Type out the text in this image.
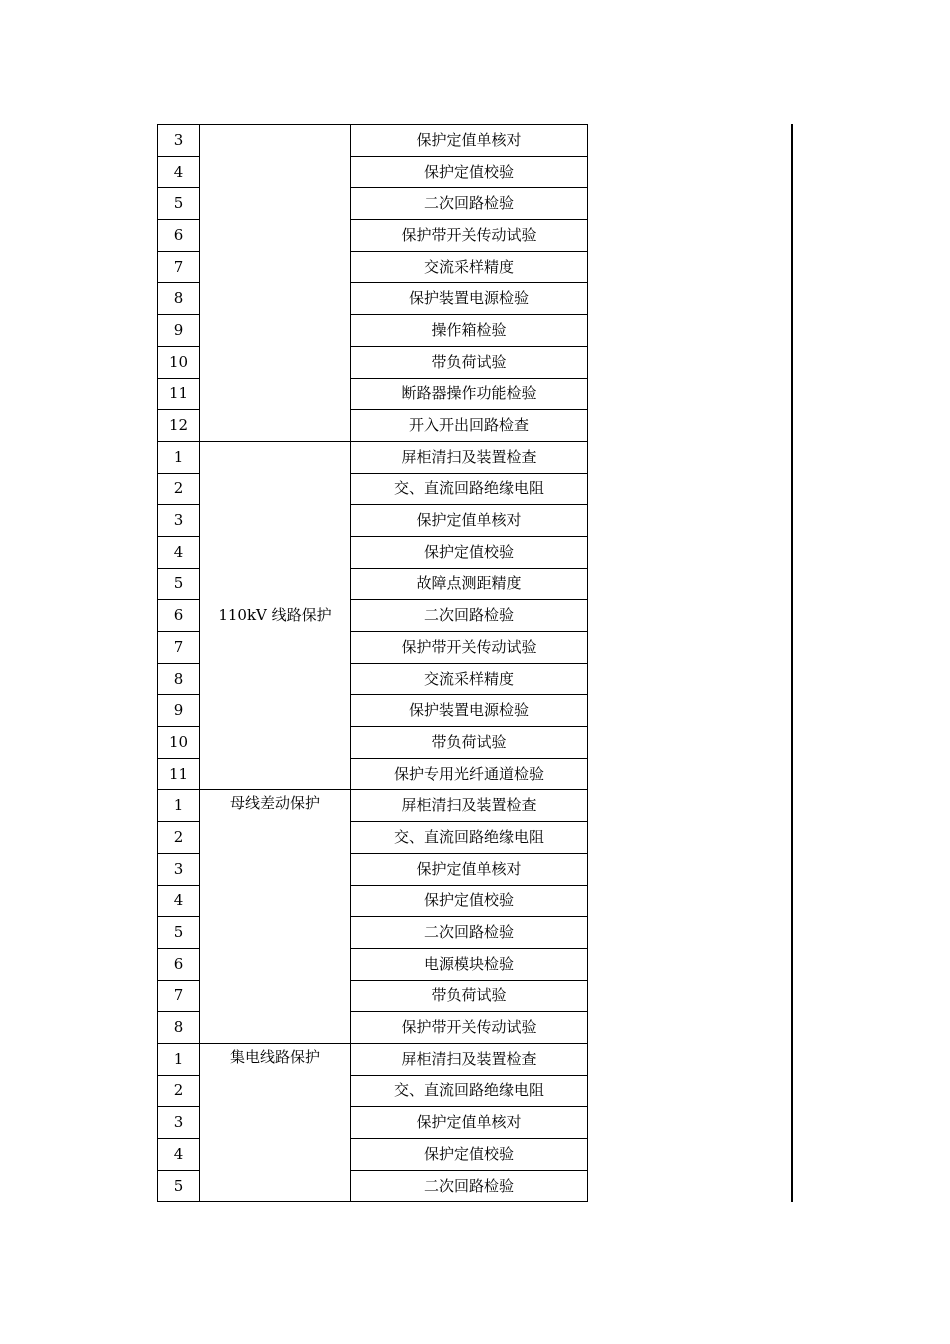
3		保护定值单核对
4		保护定值校验
5		二次回路检验
6		保护带开关传动试验
7		交流采样精度
8		保护装置电源检验
9		操作箱检验
10		带负荷试验
11		断路器操作功能检验
12		开入开出回路检查
1	110kV 线路保护	屏柜清扫及装置检查
2		交、直流回路绝缘电阻
3		保护定值单核对
4		保护定值校验
5		故障点测距精度
6		二次回路检验
7		保护带开关传动试验
8		交流采样精度
9		保护装置电源检验
10		带负荷试验
11		保护专用光纤通道检验
1	母线差动保护	屏柜清扫及装置检查
2		交、直流回路绝缘电阻
3		保护定值单核对
4		保护定值校验
5		二次回路检验
6		电源模块检验
7		带负荷试验
8		保护带开关传动试验
1	集电线路保护	屏柜清扫及装置检查
2		交、直流回路绝缘电阻
3		保护定值单核对
4		保护定值校验
5		二次回路检验
